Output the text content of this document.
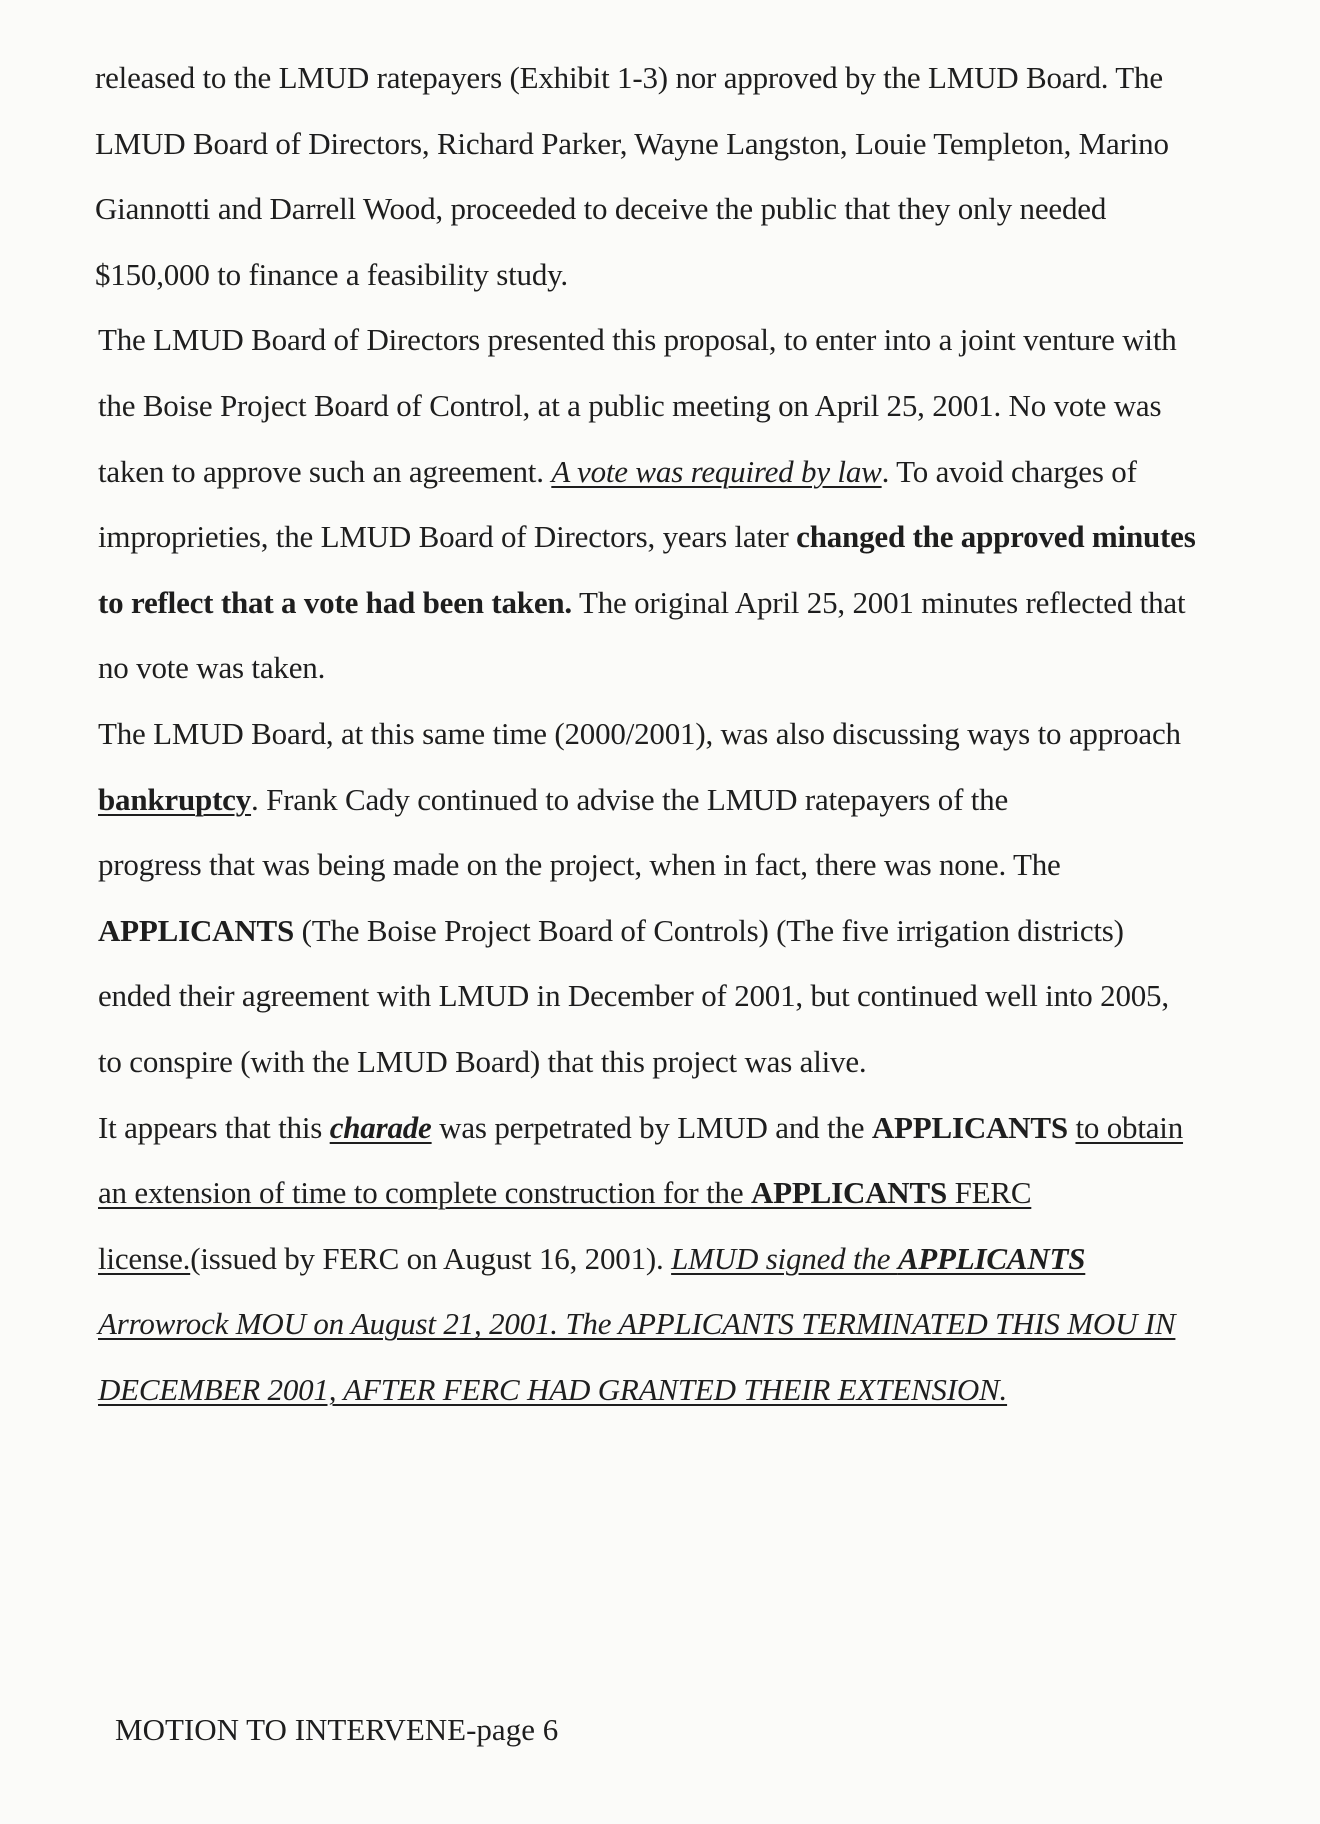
released to the LMUD ratepayers (Exhibit 1-3) nor approved by the LMUD Board. The
LMUD Board of Directors, Richard Parker, Wayne Langston, Louie Templeton, Marino
Giannotti and Darrell Wood, proceeded to deceive the public that they only needed
$150,000 to finance a feasibility study.
The LMUD Board of Directors presented this proposal, to enter into a joint venture with
the Boise Project Board of Control, at a public meeting on April 25, 2001. No vote was
taken to approve such an agreement. A vote was required by law. To avoid charges of
improprieties, the LMUD Board of Directors, years later changed the approved minutes
to reflect that a vote had been taken. The original April 25, 2001 minutes reflected that
no vote was taken.
The LMUD Board, at this same time (2000/2001), was also discussing ways to approach
bankruptcy. Frank Cady continued to advise the LMUD ratepayers of the
progress that was being made on the project, when in fact, there was none. The
APPLICANTS (The Boise Project Board of Controls) (The five irrigation districts)
ended their agreement with LMUD in December of 2001, but continued well into 2005,
to conspire (with the LMUD Board) that this project was alive.
It appears that this charade was perpetrated by LMUD and the APPLICANTS to obtain
an extension of time to complete construction for the APPLICANTS FERC
license.(issued by FERC on August 16, 2001). LMUD signed the APPLICANTS
Arrowrock MOU on August 21, 2001. The APPLICANTS TERMINATED THIS MOU IN
DECEMBER 2001, AFTER FERC HAD GRANTED THEIR EXTENSION.
MOTION TO INTERVENE-page 6
